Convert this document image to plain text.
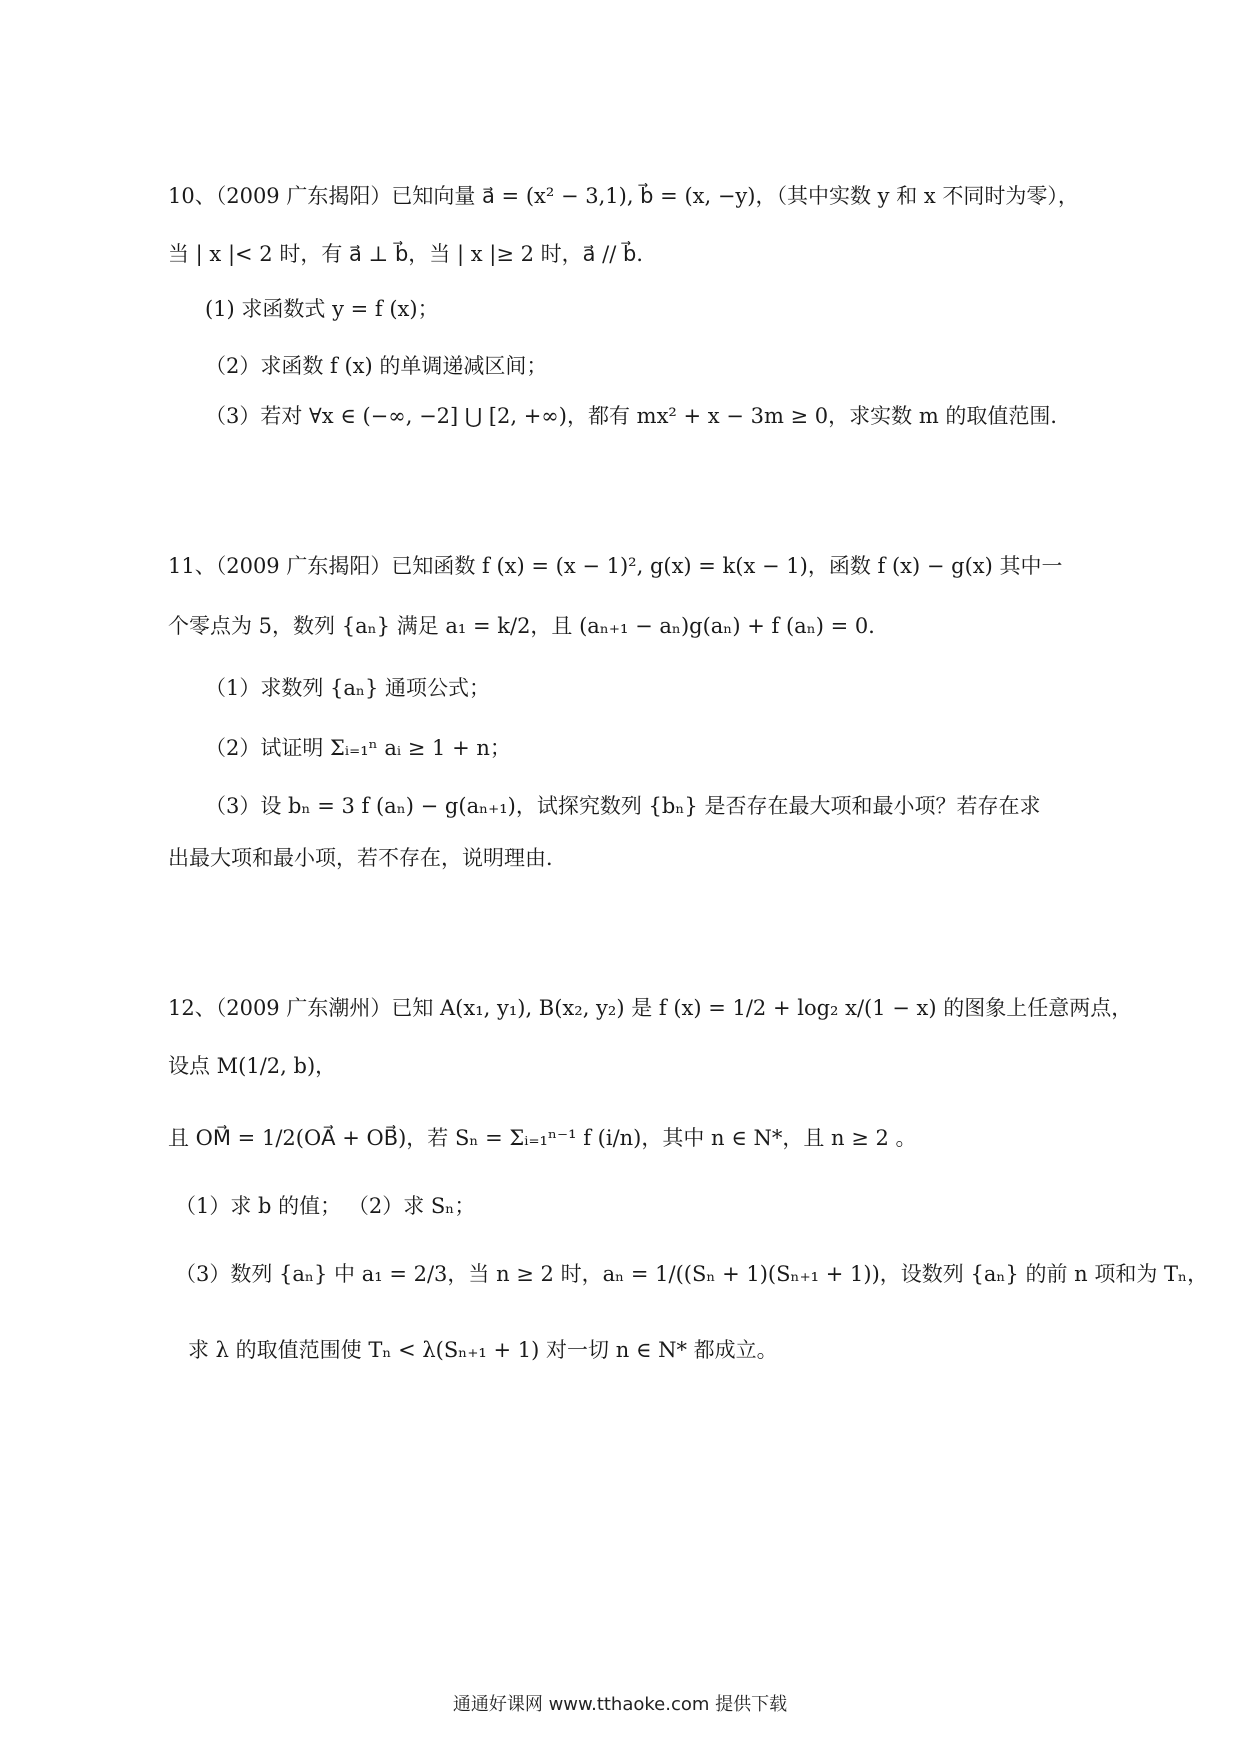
10、（2009 广东揭阳）已知向量 a⃗ = (x² − 3,1), b⃗ = (x, −y)，（其中实数 y 和 x 不同时为零），
当 | x |< 2 时，有 a⃗ ⊥ b⃗，当 | x |≥ 2 时，a⃗ // b⃗．
(1) 求函数式 y = f (x)；
（2）求函数 f (x) 的单调递减区间；
（3）若对 ∀x ∈ (−∞, −2] ⋃ [2, +∞)，都有 mx² + x − 3m ≥ 0，求实数 m 的取值范围．
11、（2009 广东揭阳）已知函数 f (x) = (x − 1)², g(x) = k(x − 1)，函数 f (x) − g(x) 其中一
个零点为 5，数列 {aₙ} 满足 a₁ = k/2，且 (aₙ₊₁ − aₙ)g(aₙ) + f (aₙ) = 0．
（1）求数列 {aₙ} 通项公式；
（2）试证明 Σᵢ₌₁ⁿ aᵢ ≥ 1 + n；
（3）设 bₙ = 3 f (aₙ) − g(aₙ₊₁)，试探究数列 {bₙ} 是否存在最大项和最小项？若存在求
出最大项和最小项，若不存在，说明理由．
12、（2009 广东潮州）已知 A(x₁, y₁), B(x₂, y₂) 是 f (x) = 1/2 + log₂ x/(1 − x) 的图象上任意两点，
设点 M(1/2, b)，
且 OM⃗ = 1/2(OA⃗ + OB⃗)，若 Sₙ = Σᵢ₌₁ⁿ⁻¹ f (i/n)，其中 n ∈ N*，且 n ≥ 2 。
（1）求 b 的值； （2）求 Sₙ；
（3）数列 {aₙ} 中 a₁ = 2/3，当 n ≥ 2 时，aₙ = 1/((Sₙ + 1)(Sₙ₊₁ + 1))，设数列 {aₙ} 的前 n 项和为 Tₙ，
求 λ 的取值范围使 Tₙ < λ(Sₙ₊₁ + 1) 对一切 n ∈ N* 都成立。
通通好课网 www.tthaoke.com 提供下载
